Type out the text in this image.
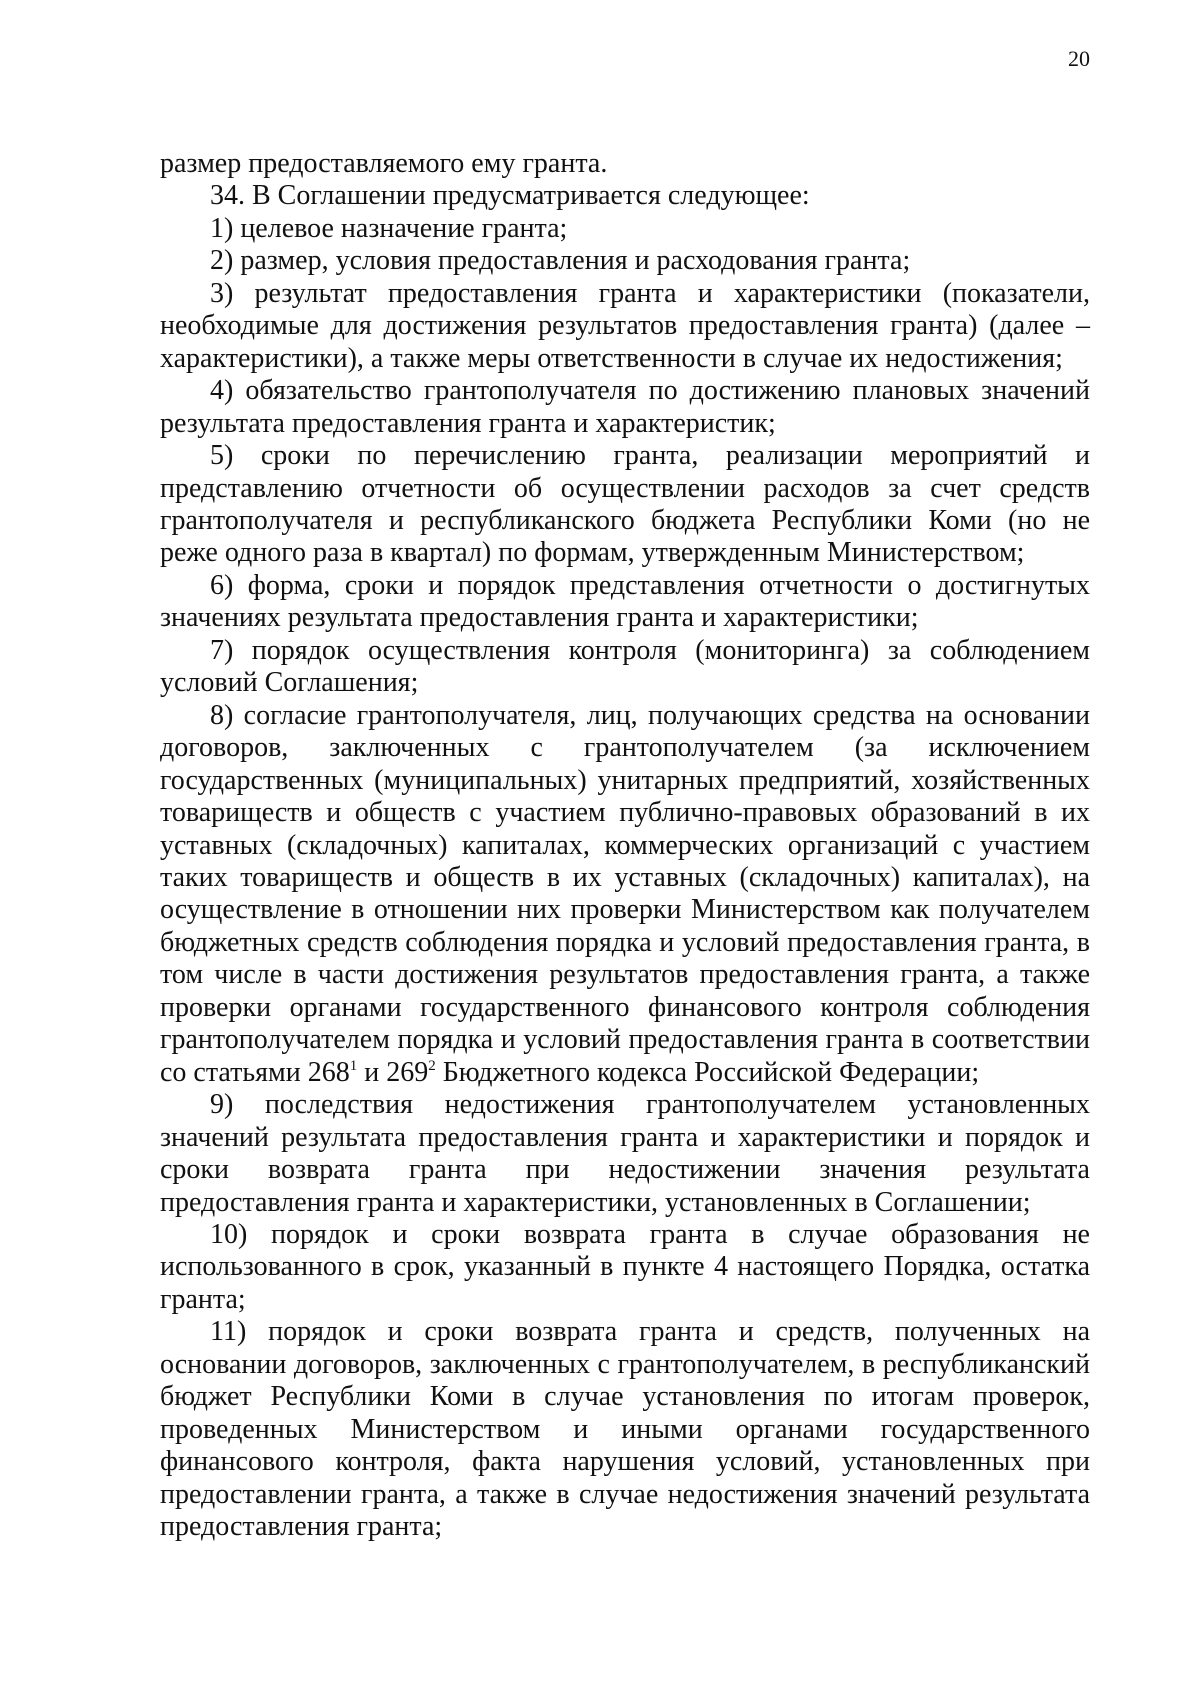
20

размер предоставляемого ему гранта.

34. В Соглашении предусматривается следующее:

1) целевое назначение гранта;

2) размер, условия предоставления и расходования гранта;

3) результат предоставления гранта и характеристики (показатели, необходимые для достижения результатов предоставления гранта) (далее – характеристики), а также меры ответственности в случае их недостижения;

4) обязательство грантополучателя по достижению плановых значений результата предоставления гранта и характеристик;

5) сроки по перечислению гранта, реализации мероприятий и представлению отчетности об осуществлении расходов за счет средств грантополучателя и республиканского бюджета Республики Коми (но не реже одного раза в квартал) по формам, утвержденным Министерством;

6) форма, сроки и порядок представления отчетности о достигнутых значениях результата предоставления гранта и характеристики;

7) порядок осуществления контроля (мониторинга) за соблюдением условий Соглашения;

8) согласие грантополучателя, лиц, получающих средства на основании договоров, заключенных с грантополучателем (за исключением государственных (муниципальных) унитарных предприятий, хозяйственных товариществ и обществ с участием публично-правовых образований в их уставных (складочных) капиталах, коммерческих организаций с участием таких товариществ и обществ в их уставных (складочных) капиталах), на осуществление в отношении них проверки Министерством как получателем бюджетных средств соблюдения порядка и условий предоставления гранта, в том числе в части достижения результатов предоставления гранта, а также проверки органами государственного финансового контроля соблюдения грантополучателем порядка и условий предоставления гранта в соответствии со статьями $268^1$ и $269^2$ Бюджетного кодекса Российской Федерации;

9) последствия недостижения грантополучателем установленных значений результата предоставления гранта и характеристики и порядок и сроки возврата гранта при недостижении значения результата предоставления гранта и характеристики, установленных в Соглашении;

10) порядок и сроки возврата гранта в случае образования не использованного в срок, указанный в пункте 4 настоящего Порядка, остатка гранта;

11) порядок и сроки возврата гранта и средств, полученных на основании договоров, заключенных с грантополучателем, в республиканский бюджет Республики Коми в случае установления по итогам проверок, проведенных Министерством и иными органами государственного финансового контроля, факта нарушения условий, установленных при предоставлении гранта, а также в случае недостижения значений результата предоставления гранта;
